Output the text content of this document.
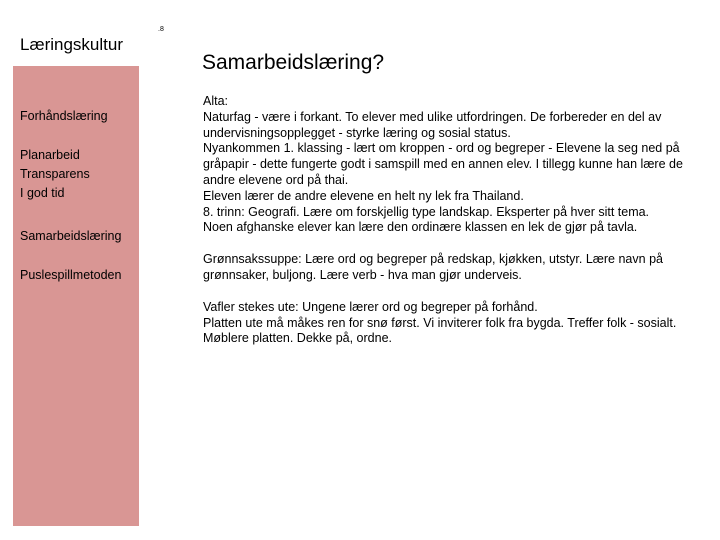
Læringskultur
Forhåndslæring
Planarbeid
Transparens
I god tid
Samarbeidslæring
Puslespillmetoden
.8
Samarbeidslæring?
Alta:
Naturfag - være i forkant. To elever med ulike utfordringen. De forbereder en del av
undervisningsopplegget - styrke læring og sosial status.
Nyankommen 1. klassing - lært om kroppen - ord og begreper - Elevene la seg ned på
gråpapir - dette fungerte godt i samspill med en annen elev. I tillegg kunne han lære de
andre elevene ord på thai.
Eleven lærer de andre elevene en helt ny lek fra Thailand.
8. trinn: Geografi. Lære om forskjellig type landskap. Eksperter på hver sitt tema.
Noen afghanske elever kan lære den ordinære klassen en lek de gjør på tavla.
Grønnsakssuppe: Lære ord og begreper på redskap, kjøkken, utstyr. Lære navn på
grønnsaker, buljong. Lære verb - hva man gjør underveis.
Vafler stekes ute: Ungene lærer ord og begreper på forhånd.
Platten ute må måkes ren for snø først. Vi inviterer folk fra bygda. Treffer folk - sosialt.
Møblere platten. Dekke på, ordne.
